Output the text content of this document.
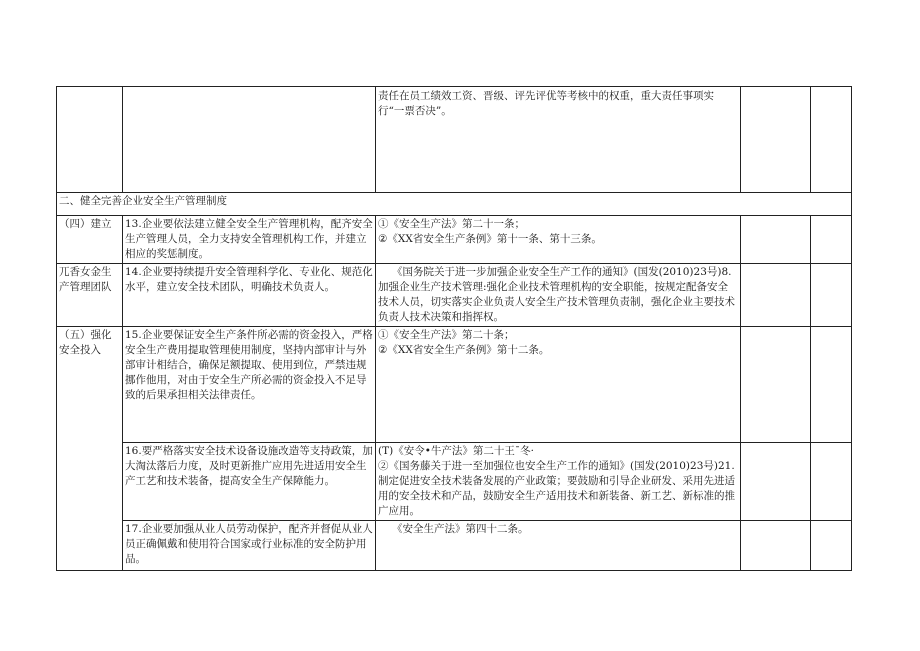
		责任在员工绩效工资、晋级、评先评优等考核中的权重，重大责任事项实行“一票否决”。		
二、健全完善企业安全生产管理制度				
（四）建立	13.企业要依法建立健全安全生产管理机构，配齐安全生产管理人员，全力支持安全管理机构工作，并建立相应的奖惩制度。	①《安全生产法》第二十一条；
②《XX省安全生产条例》第十一条、第十三条。		

兀香女金生产管理团队	14.企业要持续提升安全管理科学化、专业化、规范化水平，建立安全技术团队，明确技术负责人。	《国务院关于进一步加强企业安全生产工作的通知》(国发(2010)23号)8.加强企业生产技术管理:强化企业技术管理机构的安全职能，按规定配备安全技术人员，切实落实企业负责人安全生产技术管理负责制，强化企业主要技术负责人技术决策和指挥权。		
（五）强化安全投入	15.企业要保证安全生产条件所必需的资金投入，严格安全生产费用提取管理使用制度，坚持内部审计与外部审计相结合，确保足额提取、使用到位，严禁违规挪作他用，对由于安全生产所必需的资金投入不足导致的后果承担相关法律责任。	①《安全生产法》第二十条；
②《XX省安全生产条例》第十二条。		

	16.要严格落实安全技术设备设施改造等支持政策，加大淘汰落后力度，及时更新推广应用先进适用安全生产工艺和技术装备，提高安全生产保障能力。	(T)《安令•牛产法》第二十王ˉ冬·
②《国务藤关于进一至加强位也安全生产工作的通知》(国发(2010)23号)21.制定促进安全技术装备发展的产业政策；要鼓励和引导企业研发、采用先进适用的安全技术和产品，鼓励安全生产适用技术和新装备、新工艺、新标准的推广应用。		

	17.企业要加强从业人员劳动保护，配齐并督促从业人员正确佩戴和使用符合国家或行业标准的安全防护用品。	《安全生产法》第四十二条。		
